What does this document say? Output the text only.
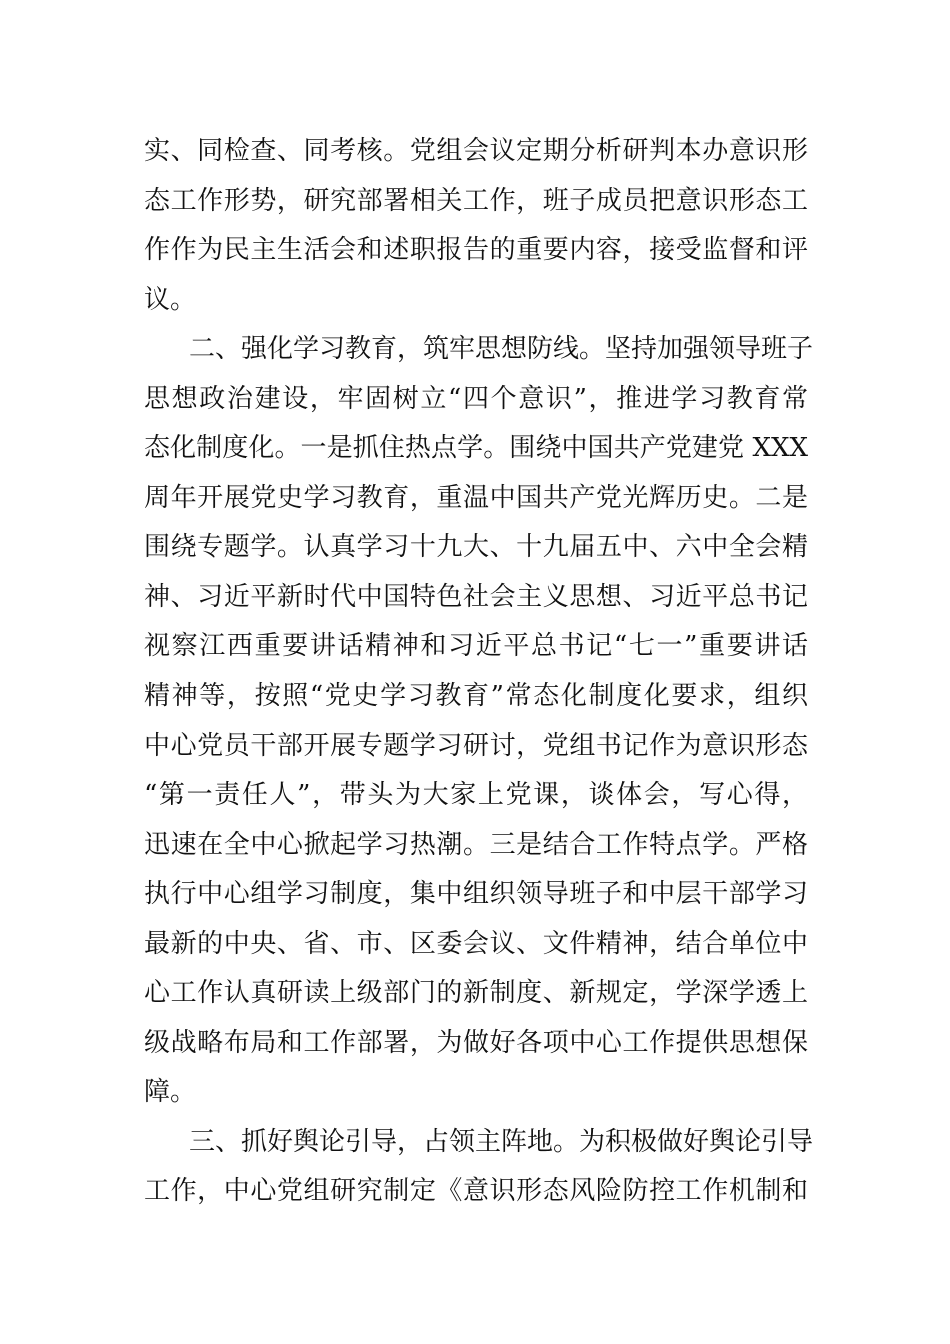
实、同检查、同考核。党组会议定期分析研判本办意识形
态工作形势，研究部署相关工作，班子成员把意识形态工
作作为民主生活会和述职报告的重要内容，接受监督和评
议。
二、强化学习教育，筑牢思想防线。坚持加强领导班子
思想政治建设，牢固树立“四个意识”，推进学习教育常
态化制度化。一是抓住热点学。围绕中国共产党建党 XXX
周年开展党史学习教育，重温中国共产党光辉历史。二是
围绕专题学。认真学习十九大、十九届五中、六中全会精
神、习近平新时代中国特色社会主义思想、习近平总书记
视察江西重要讲话精神和习近平总书记“七一”重要讲话
精神等，按照“党史学习教育”常态化制度化要求，组织
中心党员干部开展专题学习研讨，党组书记作为意识形态
“第一责任人”，带头为大家上党课，谈体会，写心得，
迅速在全中心掀起学习热潮。三是结合工作特点学。严格
执行中心组学习制度，集中组织领导班子和中层干部学习
最新的中央、省、市、区委会议、文件精神，结合单位中
心工作认真研读上级部门的新制度、新规定，学深学透上
级战略布局和工作部署，为做好各项中心工作提供思想保
障。
三、抓好舆论引导，占领主阵地。为积极做好舆论引导
工作，中心党组研究制定《意识形态风险防控工作机制和
